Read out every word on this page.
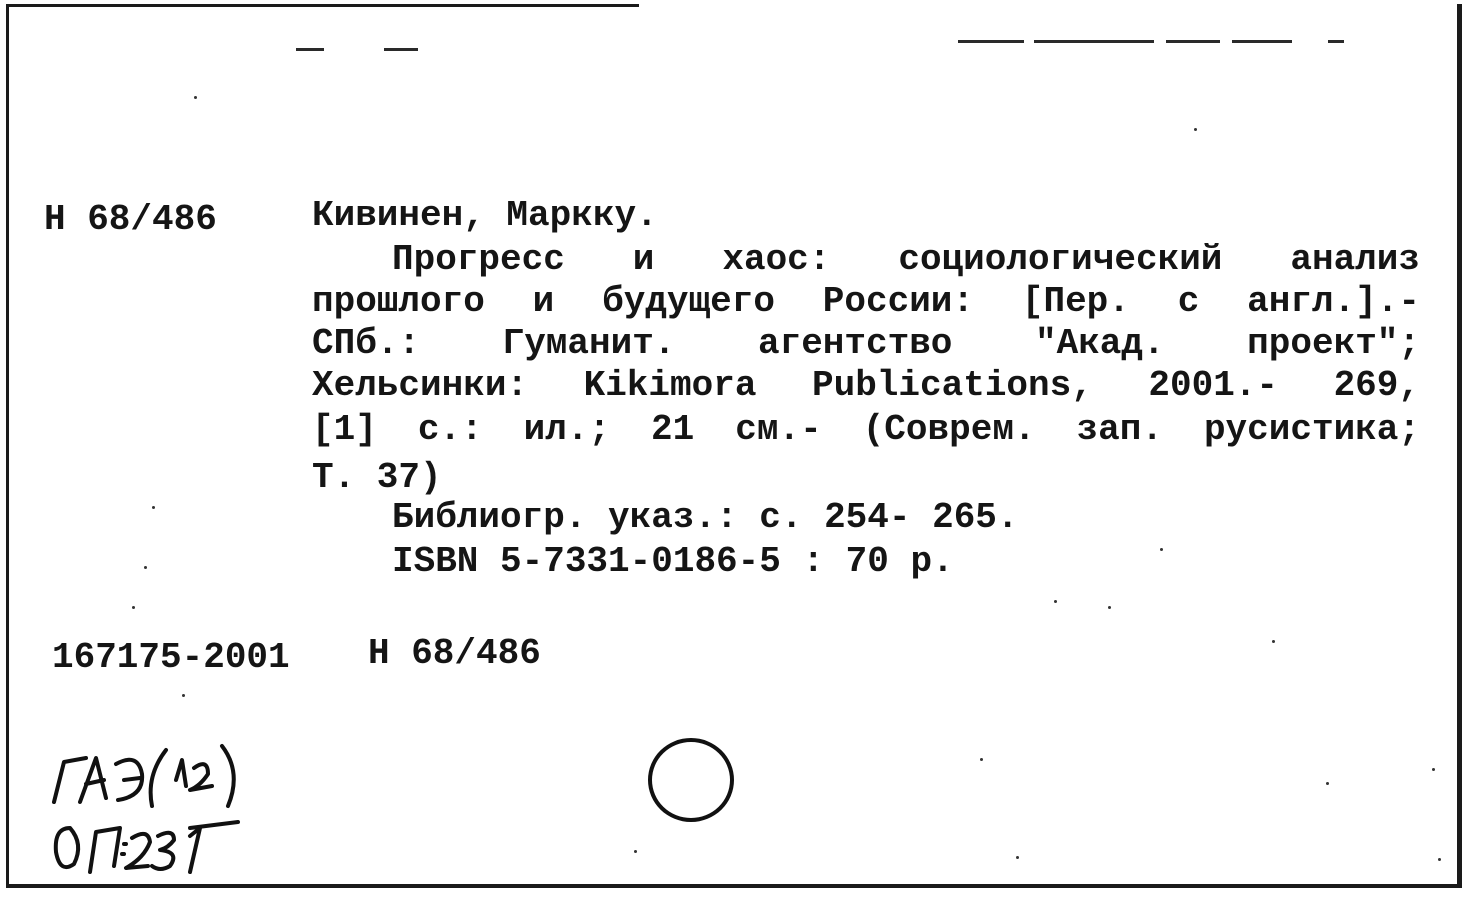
Н 68/486	Кивинен, Маркку.
Прогресс и хаос: социологический анализ
прошлого и будущего России: [Пер. с англ.].-
СПб.: Гуманит. агентство "Акад. проект";
Хельсинки: Kikimora Publications, 2001.- 269,
[1] с.: ил.; 21 см.- (Соврем. зап. русистика;
Т. 37)
Библиогр. указ.: с. 254- 265.
ISBN 5-7331-0186-5 : 70 р.
167175-2001 Н 68/486
